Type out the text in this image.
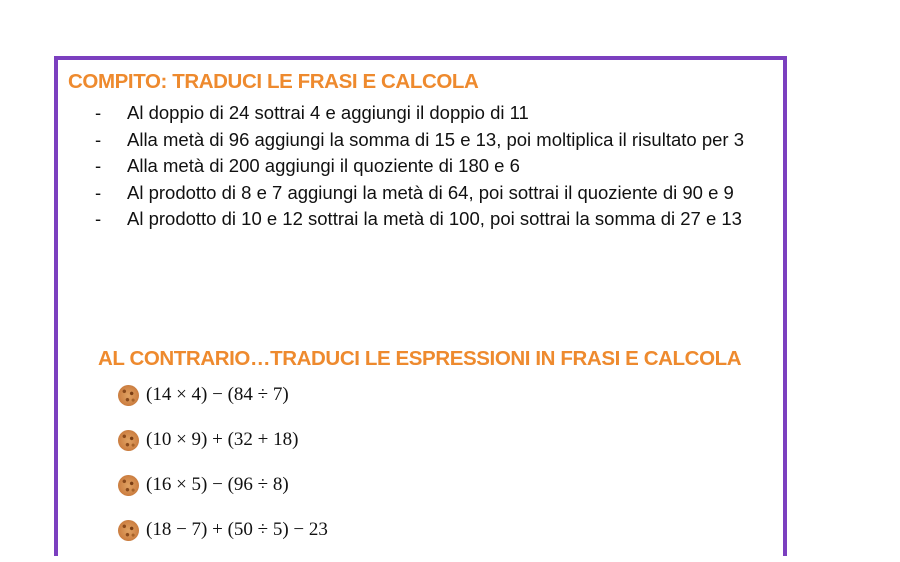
COMPITO: TRADUCI LE FRASI E CALCOLA
- Al doppio di 24 sottrai 4 e aggiungi il doppio di 11
- Alla metà di 96 aggiungi la somma di 15 e 13, poi moltiplica il risultato per 3
- Alla metà di 200 aggiungi il quoziente di 180 e 6
- Al prodotto di 8 e 7 aggiungi la metà di 64, poi sottrai il quoziente di 90 e 9
- Al prodotto di 10 e 12 sottrai la metà di 100, poi sottrai la somma di 27 e 13
AL CONTRARIO…TRADUCI LE ESPRESSIONI IN FRASI E CALCOLA
(14 × 4) − (84 ÷ 7)
(10 × 9) + (32 + 18)
(16 × 5) − (96 ÷ 8)
(18 − 7) + (50 ÷ 5) − 23
